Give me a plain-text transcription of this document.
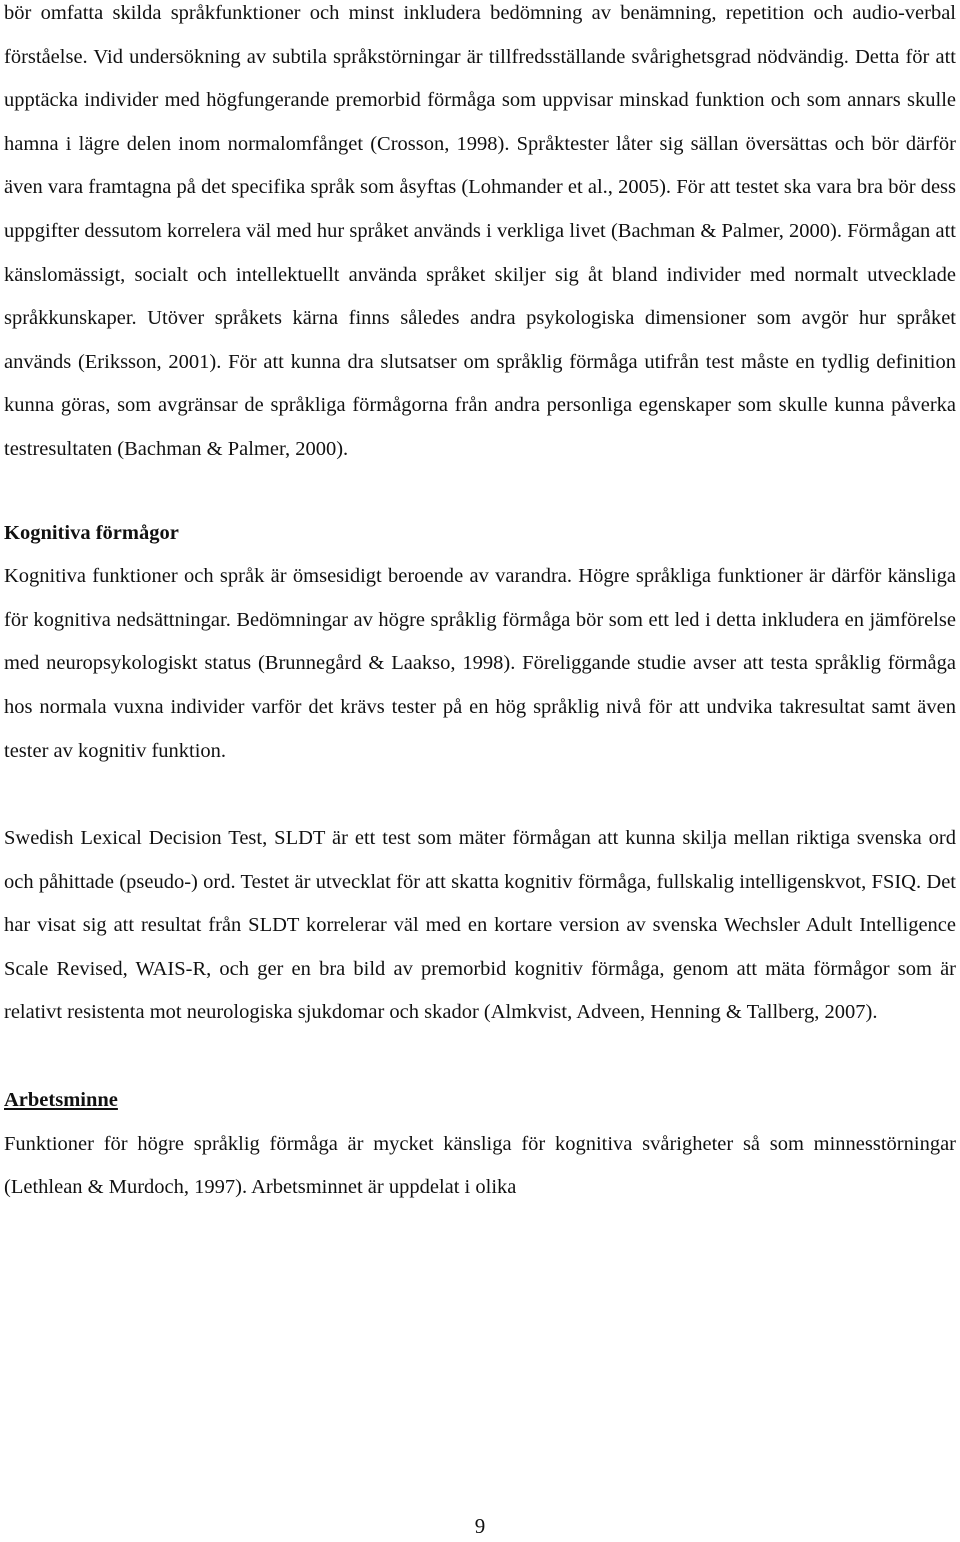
bör omfatta skilda språkfunktioner och minst inkludera bedömning av benämning, repetition och audio-verbal förståelse. Vid undersökning av subtila språkstörningar är tillfredsställande svårighetsgrad nödvändig. Detta för att upptäcka individer med högfungerande premorbid förmåga som uppvisar minskad funktion och som annars skulle hamna i lägre delen inom normalomfånget (Crosson, 1998). Språktester låter sig sällan översättas och bör därför även vara framtagna på det specifika språk som åsyftas (Lohmander et al., 2005). För att testet ska vara bra bör dess uppgifter dessutom korrelera väl med hur språket används i verkliga livet (Bachman & Palmer, 2000). Förmågan att känslomässigt, socialt och intellektuellt använda språket skiljer sig åt bland individer med normalt utvecklade språkkunskaper. Utöver språkets kärna finns således andra psykologiska dimensioner som avgör hur språket används (Eriksson, 2001). För att kunna dra slutsatser om språklig förmåga utifrån test måste en tydlig definition kunna göras, som avgränsar de språkliga förmågorna från andra personliga egenskaper som skulle kunna påverka testresultaten (Bachman & Palmer, 2000).

Kognitiva förmågor

Kognitiva funktioner och språk är ömsesidigt beroende av varandra. Högre språkliga funktioner är därför känsliga för kognitiva nedsättningar. Bedömningar av högre språklig förmåga bör som ett led i detta inkludera en jämförelse med neuropsykologiskt status (Brunnegård & Laakso, 1998). Föreliggande studie avser att testa språklig förmåga hos normala vuxna individer varför det krävs tester på en hög språklig nivå för att undvika takresultat samt även tester av kognitiv funktion.

Swedish Lexical Decision Test, SLDT är ett test som mäter förmågan att kunna skilja mellan riktiga svenska ord och påhittade (pseudo-) ord. Testet är utvecklat för att skatta kognitiv förmåga, fullskalig intelligenskvot, FSIQ. Det har visat sig att resultat från SLDT korrelerar väl med en kortare version av svenska Wechsler Adult Intelligence Scale Revised, WAIS-R, och ger en bra bild av premorbid kognitiv förmåga, genom att mäta förmågor som är relativt resistenta mot neurologiska sjukdomar och skador (Almkvist, Adveen, Henning & Tallberg, 2007).

Arbetsminne

Funktioner för högre språklig förmåga är mycket känsliga för kognitiva svårigheter så som minnesstörningar (Lethlean & Murdoch, 1997). Arbetsminnet är uppdelat i olika

9
